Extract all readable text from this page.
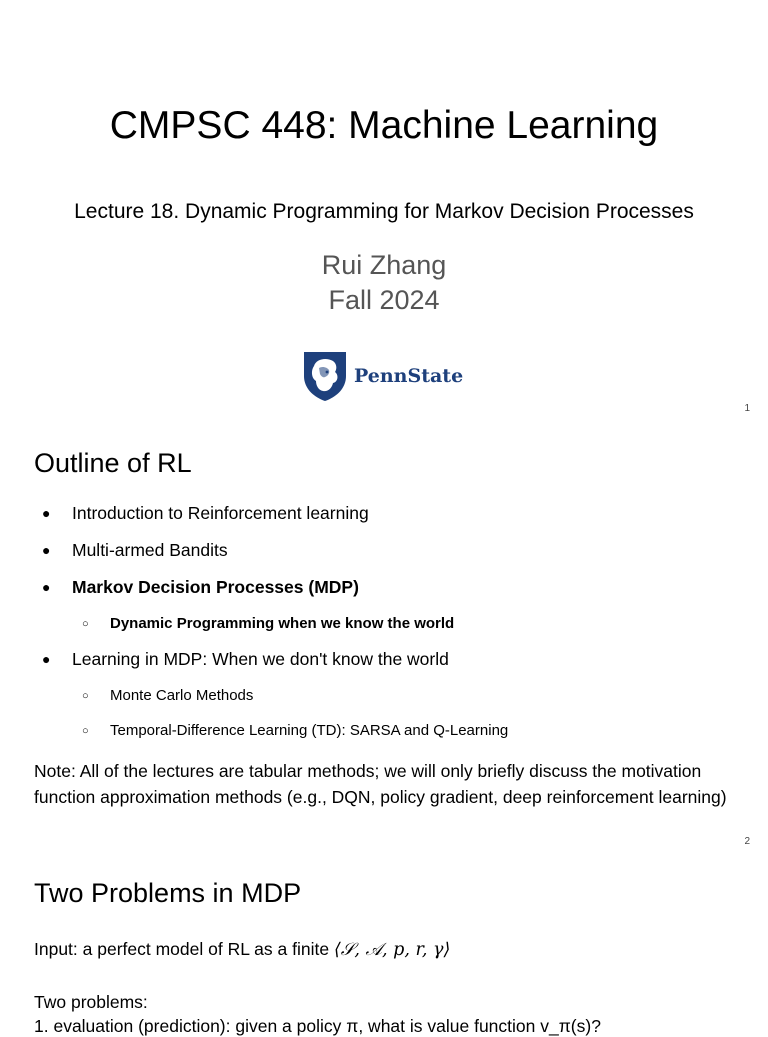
CMPSC 448: Machine Learning
Lecture 18. Dynamic Programming for Markov Decision Processes
Rui Zhang
Fall 2024
PennState
1
Outline of RL
● Introduction to Reinforcement learning
● Multi-armed Bandits
● Markov Decision Processes (MDP)
○ Dynamic Programming when we know the world
● Learning in MDP: When we don't know the world
○ Monte Carlo Methods
○ Temporal-Difference Learning (TD): SARSA and Q-Learning
Note: All of the lectures are tabular methods; we will only briefly discuss the motivation function approximation methods (e.g., DQN, policy gradient, deep reinforcement learning)
2
Two Problems in MDP
Input: a perfect model of RL as a finite ⟨𝒮, 𝒜, p, r, γ⟩
Two problems:
1. evaluation (prediction): given a policy π, what is value function v_π(s)?
